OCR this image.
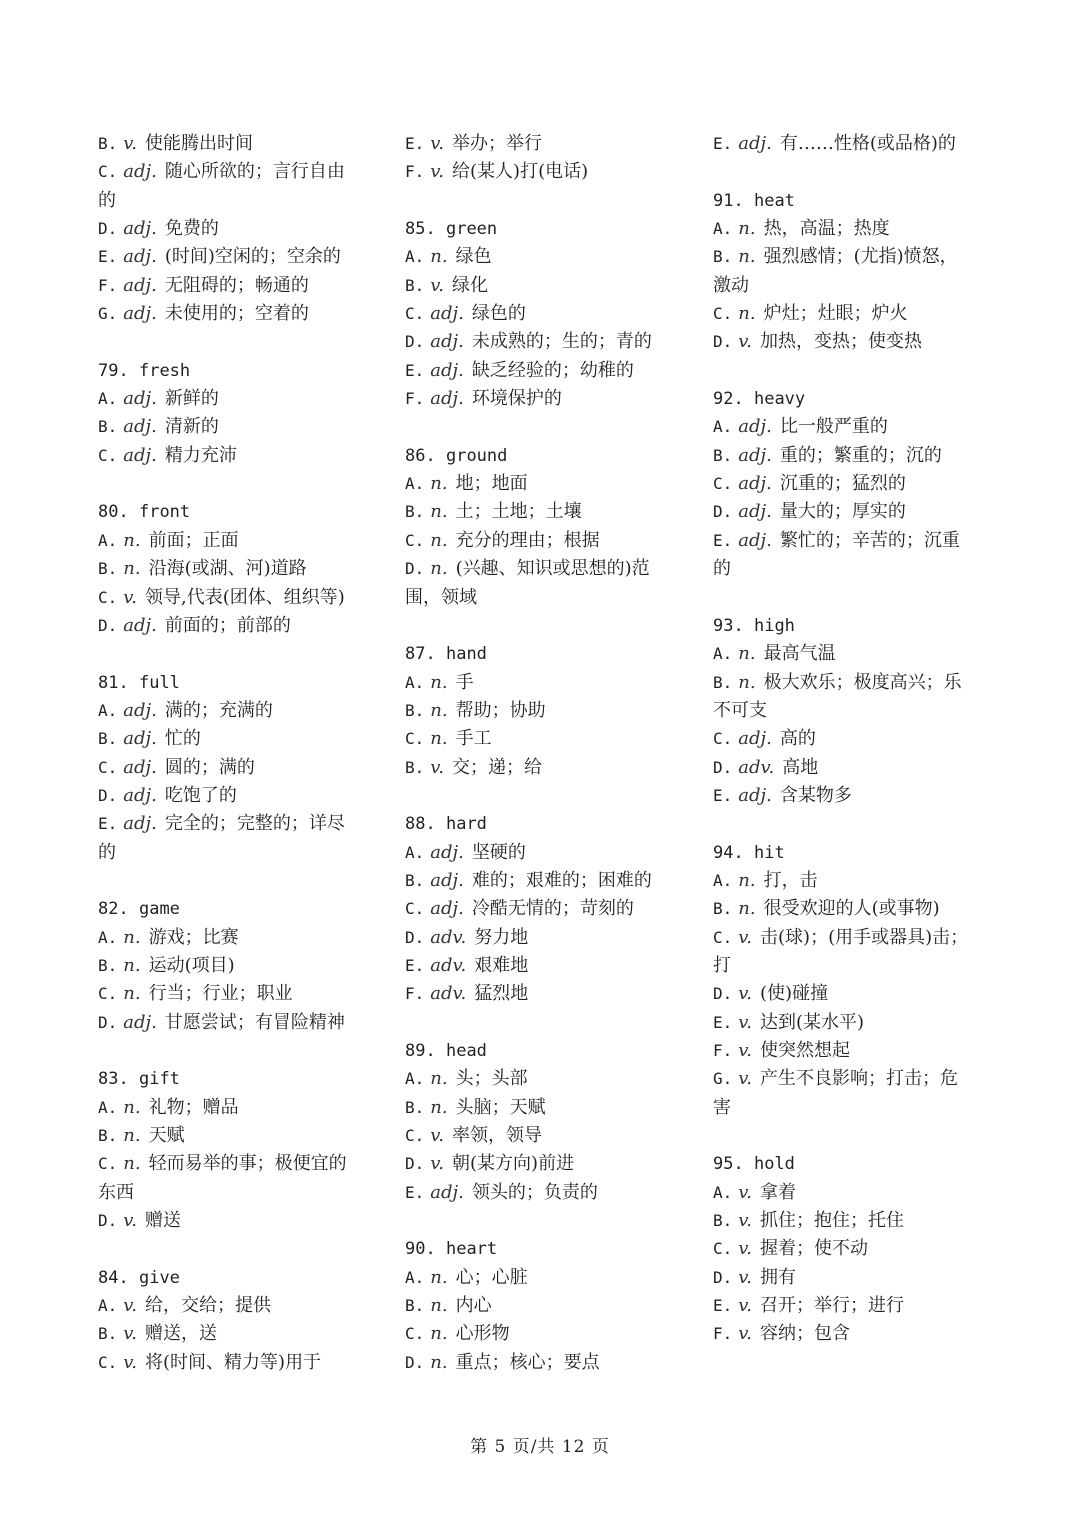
B. v. 使能腾出时间
C. adj. 随心所欲的；言行自由
的
D. adj. 免费的
E. adj. (时间)空闲的；空余的
F. adj. 无阻碍的；畅通的
G. adj. 未使用的；空着的
79. fresh
A. adj. 新鲜的
B. adj. 清新的
C. adj. 精力充沛
80. front
A. n. 前面；正面
B. n. 沿海(或湖、河)道路
C. v. 领导,代表(团体、组织等)
D. adj. 前面的；前部的
81. full
A. adj. 满的；充满的
B. adj. 忙的
C. adj. 圆的；满的
D. adj. 吃饱了的
E. adj. 完全的；完整的；详尽
的
82. game
A. n. 游戏；比赛
B. n. 运动(项目)
C. n. 行当；行业；职业
D. adj. 甘愿尝试；有冒险精神
83. gift
A. n. 礼物；赠品
B. n. 天赋
C. n. 轻而易举的事；极便宜的
东西
D. v. 赠送
84. give
A. v. 给，交给；提供
B. v. 赠送，送
C. v. 将(时间、精力等)用于
E. v. 举办；举行
F. v. 给(某人)打(电话)
85. green
A. n. 绿色
B. v. 绿化
C. adj. 绿色的
D. adj. 未成熟的；生的；青的
E. adj. 缺乏经验的；幼稚的
F. adj. 环境保护的
86. ground
A. n. 地；地面
B. n. 土；土地；土壤
C. n. 充分的理由；根据
D. n. (兴趣、知识或思想的)范
围，领域
87. hand
A. n. 手
B. n. 帮助；协助
C. n. 手工
B. v. 交；递；给
88. hard
A. adj. 坚硬的
B. adj. 难的；艰难的；困难的
C. adj. 冷酷无情的；苛刻的
D. adv. 努力地
E. adv. 艰难地
F. adv. 猛烈地
89. head
A. n. 头；头部
B. n. 头脑；天赋
C. v. 率领，领导
D. v. 朝(某方向)前进
E. adj. 领头的；负责的
90. heart
A. n. 心；心脏
B. n. 内心
C. n. 心形物
D. n. 重点；核心；要点
E. adj. 有……性格(或品格)的
91. heat
A. n. 热，高温；热度
B. n. 强烈感情；(尤指)愤怒，
激动
C. n. 炉灶；灶眼；炉火
D. v. 加热，变热；使变热
92. heavy
A. adj. 比一般严重的
B. adj. 重的；繁重的；沉的
C. adj. 沉重的；猛烈的
D. adj. 量大的；厚实的
E. adj. 繁忙的；辛苦的；沉重
的
93. high
A. n. 最高气温
B. n. 极大欢乐；极度高兴；乐
不可支
C. adj. 高的
D. adv. 高地
E. adj. 含某物多
94. hit
A. n. 打，击
B. n. 很受欢迎的人(或事物)
C. v. 击(球)；(用手或器具)击；
打
D. v. (使)碰撞
E. v. 达到(某水平)
F. v. 使突然想起
G. v. 产生不良影响；打击；危
害
95. hold
A. v. 拿着
B. v. 抓住；抱住；托住
C. v. 握着；使不动
D. v. 拥有
E. v. 召开；举行；进行
F. v. 容纳；包含
第 5 页/共 12 页
